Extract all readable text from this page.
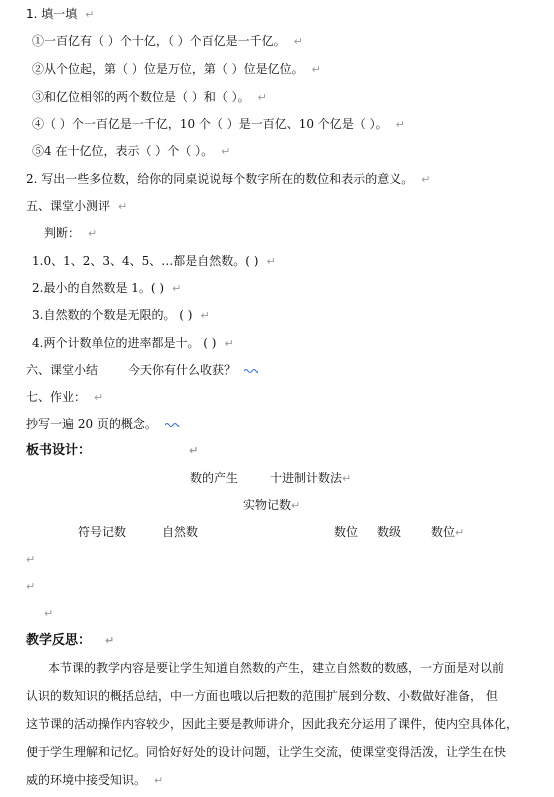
1. 填一填 ↵
①一百亿有（ ）个十亿，（ ）个百亿是一千亿。 ↵
②从个位起，第（ ）位是万位，第（ ）位是亿位。 ↵
③和亿位相邻的两个数位是（ ）和（ ）。 ↵
④（ ）个一百亿是一千亿，10 个（ ）是一百亿、10 个亿是（ ）。 ↵
⑤4 在十亿位，表示（ ）个（ ）。 ↵
2. 写出一些多位数，给你的同桌说说每个数字所在的数位和表示的意义。 ↵
五、课堂小测评 ↵
判断： ↵
1.0、1、2、3、4、5、…都是自然数。( ) ↵
2.最小的自然数是 1。( ) ↵
3.自然数的个数是无限的。 ( ) ↵
4.两个计数单位的进率都是十。 ( ) ↵
六、课堂小结 今天你有什么收获？
七、作业： ↵
抄写一遍 20 页的概念。
板书设计：	↵
数的产生	十进制计数法↵
实物记数↵
符号记数	自然数	数位 数级 数位↵
↵
↵
↵
教学反思： ↵
本节课的教学内容是要让学生知道自然数的产生，建立自然数的数感，一方面是对以前
认识的数知识的概括总结，中一方面也哦以后把数的范围扩展到分数、小数做好准备， 但
这节课的活动操作内容较少，因此主要是教师讲介，因此我充分运用了课件，使内空具体化，
便于学生理解和记忆。同恰好好处的设计问题，让学生交流，使课堂变得活泼，让学生在快
威的环境中接受知识。 ↵
